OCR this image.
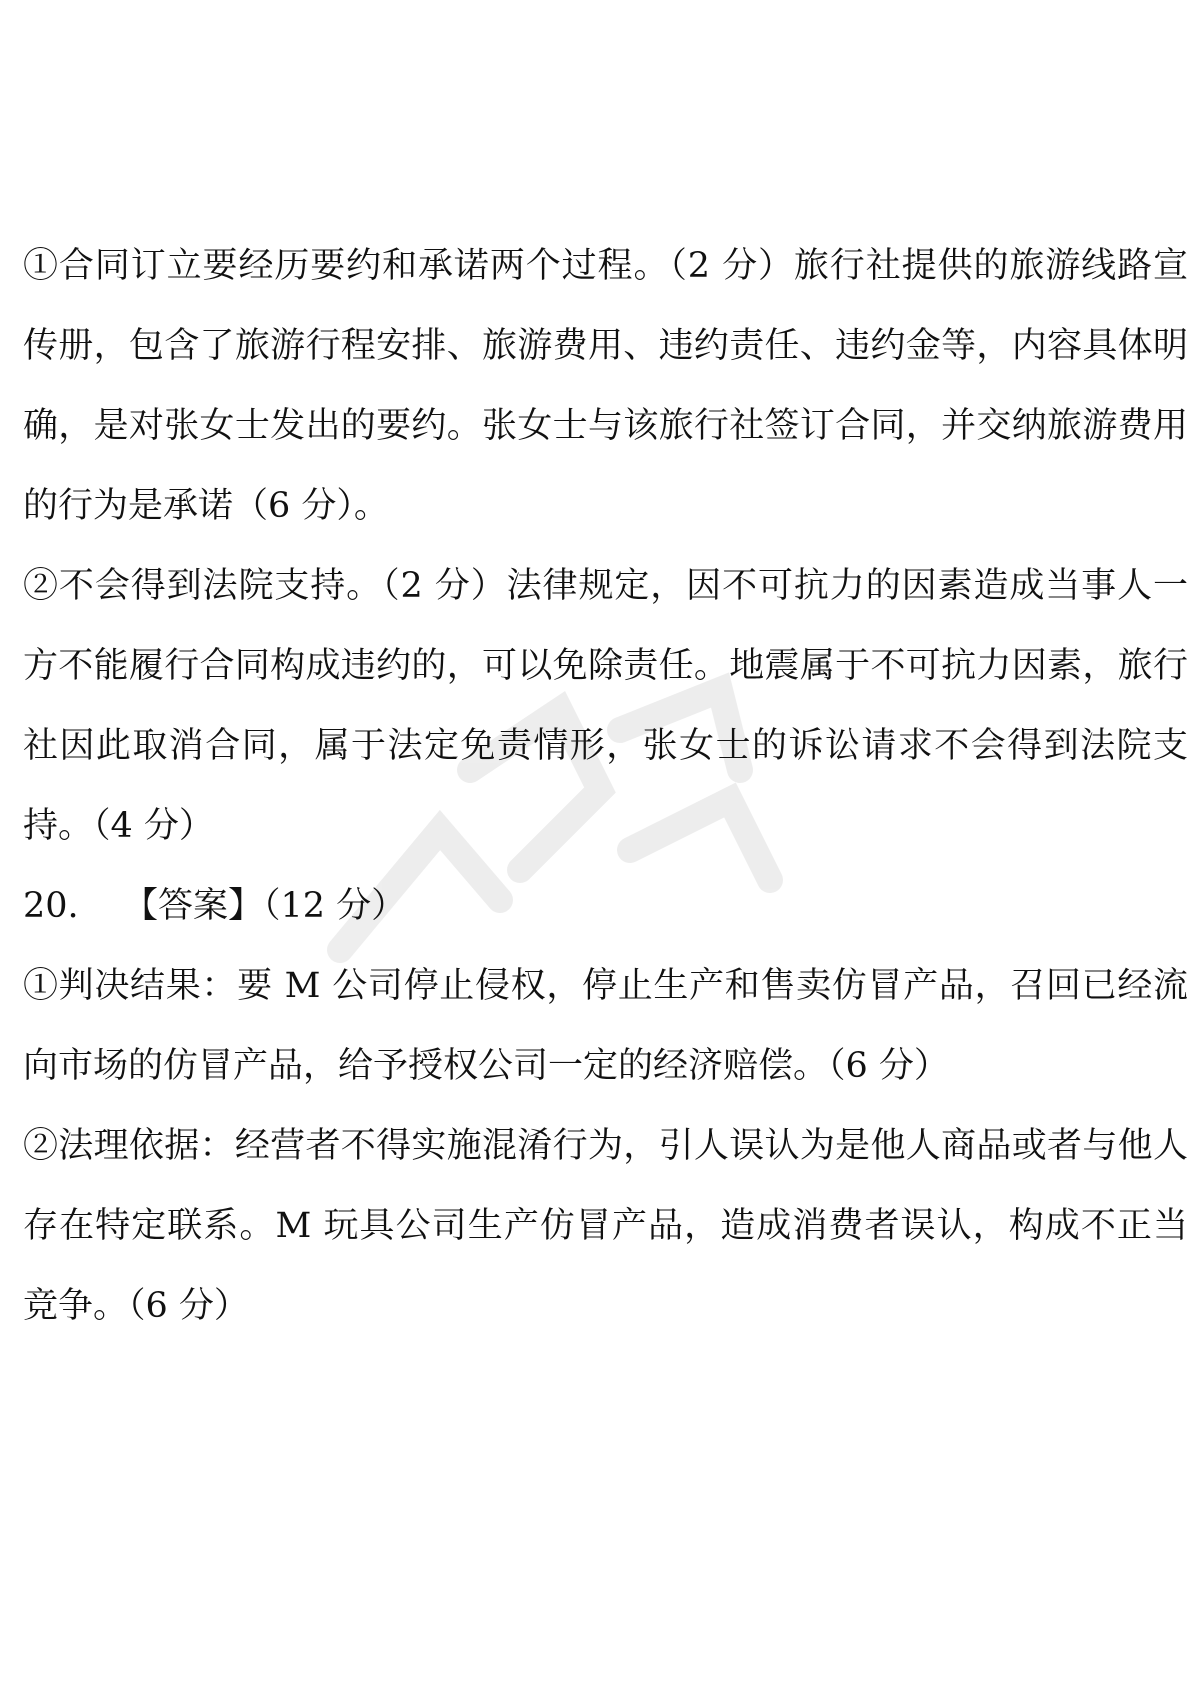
①合同订立要经历要约和承诺两个过程。（2 分）旅行社提供的旅游线路宣传册，包含了旅游行程安排、旅游费用、违约责任、违约金等，内容具体明确，是对张女士发出的要约。张女士与该旅行社签订合同，并交纳旅游费用的行为是承诺（6 分）。

②不会得到法院支持。（2 分）法律规定，因不可抗力的因素造成当事人一方不能履行合同构成违约的，可以免除责任。地震属于不可抗力因素，旅行社因此取消合同，属于法定免责情形，张女士的诉讼请求不会得到法院支持。（4 分）

20. 【答案】（12 分）

①判决结果：要 M 公司停止侵权，停止生产和售卖仿冒产品，召回已经流向市场的仿冒产品，给予授权公司一定的经济赔偿。（6 分）

②法理依据：经营者不得实施混淆行为，引人误认为是他人商品或者与他人存在特定联系。M 玩具公司生产仿冒产品，造成消费者误认，构成不正当竞争。（6 分）
